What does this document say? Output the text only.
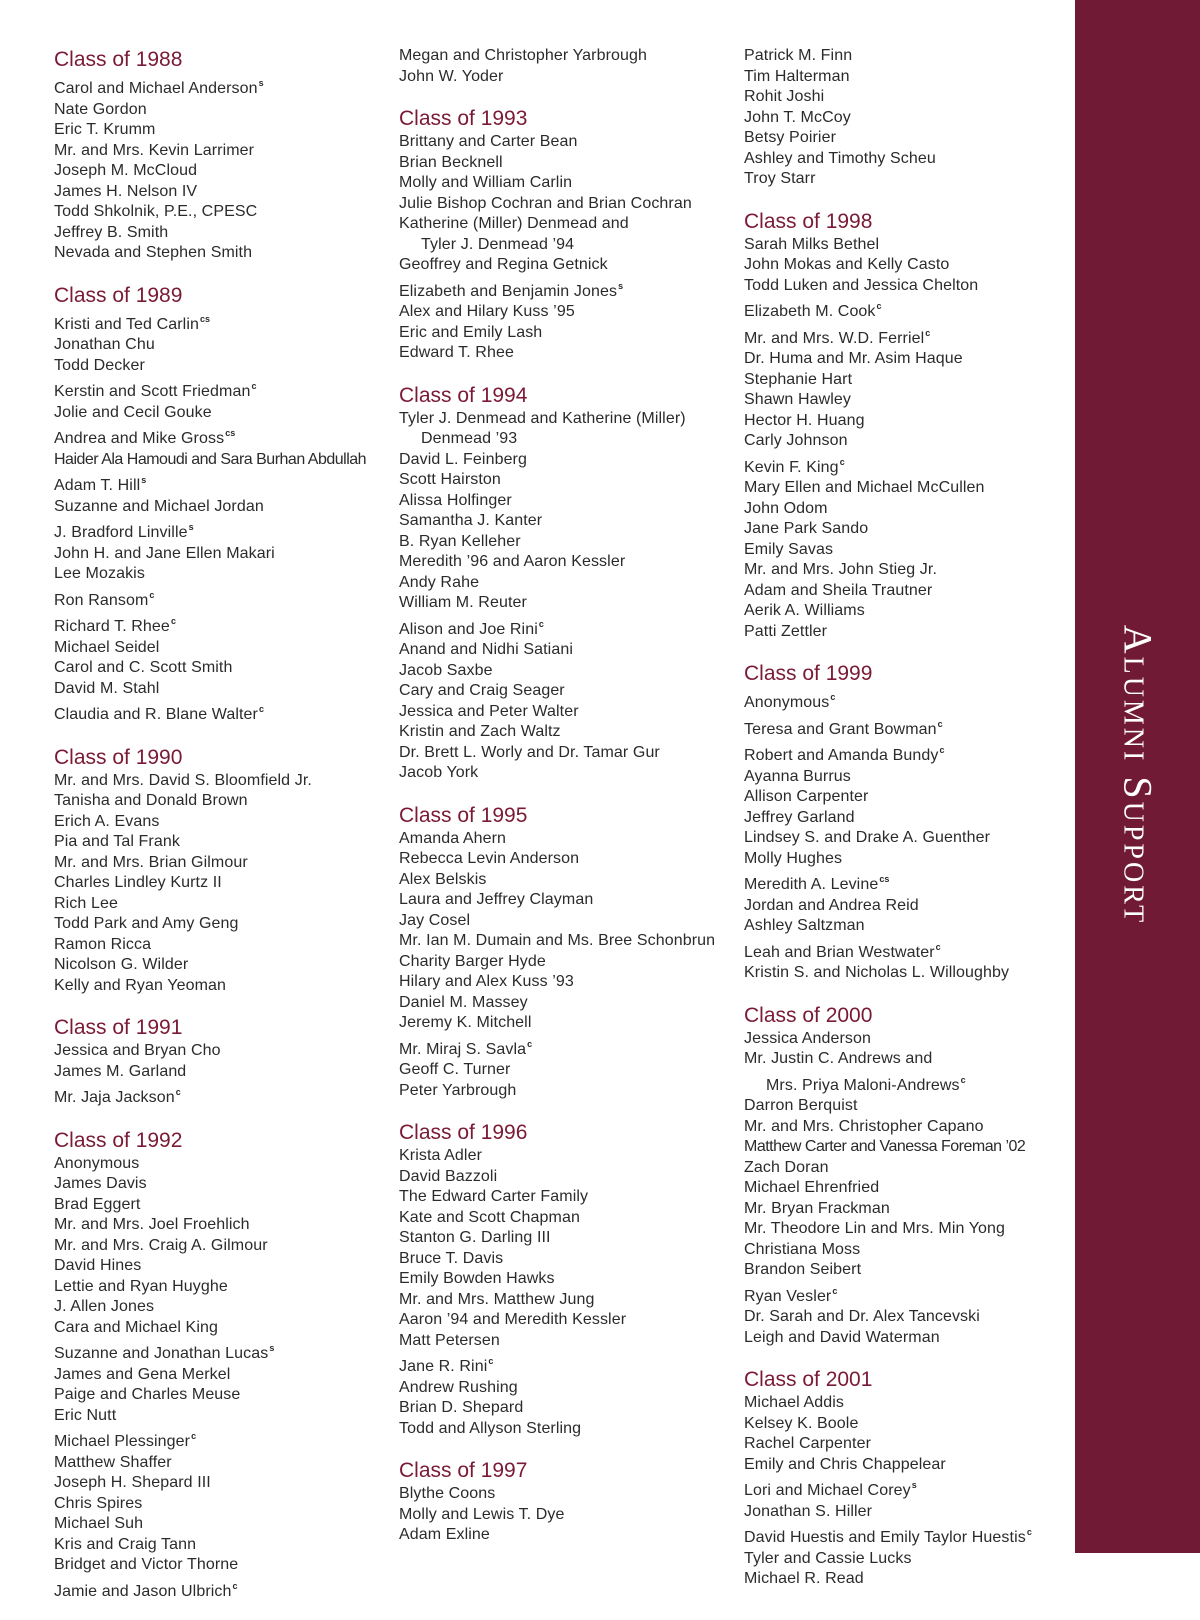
Class of 1988
Carol and Michael Anderson$^s$
Nate Gordon
Eric T. Krumm
Mr. and Mrs. Kevin Larrimer
Joseph M. McCloud
James H. Nelson IV
Todd Shkolnik, P.E., CPESC
Jeffrey B. Smith
Nevada and Stephen Smith
Class of 1989
Kristi and Ted Carlin$^{cs}$
Jonathan Chu
Todd Decker
Kerstin and Scott Friedman$^c$
Jolie and Cecil Gouke
Andrea and Mike Gross$^{cs}$
Haider Ala Hamoudi and Sara Burhan Abdullah
Adam T. Hill$^s$
Suzanne and Michael Jordan
J. Bradford Linville$^s$
John H. and Jane Ellen Makari
Lee Mozakis
Ron Ransom$^c$
Richard T. Rhee$^c$
Michael Seidel
Carol and C. Scott Smith
David M. Stahl
Claudia and R. Blane Walter$^c$
Class of 1990
Mr. and Mrs. David S. Bloomfield Jr.
Tanisha and Donald Brown
Erich A. Evans
Pia and Tal Frank
Mr. and Mrs. Brian Gilmour
Charles Lindley Kurtz II
Rich Lee
Todd Park and Amy Geng
Ramon Ricca
Nicolson G. Wilder
Kelly and Ryan Yeoman
Class of 1991
Jessica and Bryan Cho
James M. Garland
Mr. Jaja Jackson$^c$
Class of 1992
Anonymous
James Davis
Brad Eggert
Mr. and Mrs. Joel Froehlich
Mr. and Mrs. Craig A. Gilmour
David Hines
Lettie and Ryan Huyghe
J. Allen Jones
Cara and Michael King
Suzanne and Jonathan Lucas$^s$
James and Gena Merkel
Paige and Charles Meuse
Eric Nutt
Michael Plessinger$^c$
Matthew Shaffer
Joseph H. Shepard III
Chris Spires
Michael Suh
Kris and Craig Tann
Bridget and Victor Thorne
Jamie and Jason Ulbrich$^c$
Megan and Christopher Yarbrough
John W. Yoder
Class of 1993
Brittany and Carter Bean
Brian Becknell
Molly and William Carlin
Julie Bishop Cochran and Brian Cochran
Katherine (Miller) Denmead and
Tyler J. Denmead ’94
Geoffrey and Regina Getnick
Elizabeth and Benjamin Jones$^s$
Alex and Hilary Kuss ’95
Eric and Emily Lash
Edward T. Rhee
Class of 1994
Tyler J. Denmead and Katherine (Miller)
Denmead ’93
David L. Feinberg
Scott Hairston
Alissa Holfinger
Samantha J. Kanter
B. Ryan Kelleher
Meredith ’96 and Aaron Kessler
Andy Rahe
William M. Reuter
Alison and Joe Rini$^c$
Anand and Nidhi Satiani
Jacob Saxbe
Cary and Craig Seager
Jessica and Peter Walter
Kristin and Zach Waltz
Dr. Brett L. Worly and Dr. Tamar Gur
Jacob York
Class of 1995
Amanda Ahern
Rebecca Levin Anderson
Alex Belskis
Laura and Jeffrey Clayman
Jay Cosel
Mr. Ian M. Dumain and Ms. Bree Schonbrun
Charity Barger Hyde
Hilary and Alex Kuss ’93
Daniel M. Massey
Jeremy K. Mitchell
Mr. Miraj S. Savla$^c$
Geoff C. Turner
Peter Yarbrough
Class of 1996
Krista Adler
David Bazzoli
The Edward Carter Family
Kate and Scott Chapman
Stanton G. Darling III
Bruce T. Davis
Emily Bowden Hawks
Mr. and Mrs. Matthew Jung
Aaron ’94 and Meredith Kessler
Matt Petersen
Jane R. Rini$^c$
Andrew Rushing
Brian D. Shepard
Todd and Allyson Sterling
Class of 1997
Blythe Coons
Molly and Lewis T. Dye
Adam Exline
Patrick M. Finn
Tim Halterman
Rohit Joshi
John T. McCoy
Betsy Poirier
Ashley and Timothy Scheu
Troy Starr
Class of 1998
Sarah Milks Bethel
John Mokas and Kelly Casto
Todd Luken and Jessica Chelton
Elizabeth M. Cook$^c$
Mr. and Mrs. W.D. Ferriel$^c$
Dr. Huma and Mr. Asim Haque
Stephanie Hart
Shawn Hawley
Hector H. Huang
Carly Johnson
Kevin F. King$^c$
Mary Ellen and Michael McCullen
John Odom
Jane Park Sando
Emily Savas
Mr. and Mrs. John Stieg Jr.
Adam and Sheila Trautner
Aerik A. Williams
Patti Zettler
Class of 1999
Anonymous$^c$
Teresa and Grant Bowman$^c$
Robert and Amanda Bundy$^c$
Ayanna Burrus
Allison Carpenter
Jeffrey Garland
Lindsey S. and Drake A. Guenther
Molly Hughes
Meredith A. Levine$^{cs}$
Jordan and Andrea Reid
Ashley Saltzman
Leah and Brian Westwater$^c$
Kristin S. and Nicholas L. Willoughby
Class of 2000
Jessica Anderson
Mr. Justin C. Andrews and
Mrs. Priya Maloni-Andrews$^c$
Darron Berquist
Mr. and Mrs. Christopher Capano
Matthew Carter and Vanessa Foreman ’02
Zach Doran
Michael Ehrenfried
Mr. Bryan Frackman
Mr. Theodore Lin and Mrs. Min Yong
Christiana Moss
Brandon Seibert
Ryan Vesler$^c$
Dr. Sarah and Dr. Alex Tancevski
Leigh and David Waterman
Class of 2001
Michael Addis
Kelsey K. Boole
Rachel Carpenter
Emily and Chris Chappelear
Lori and Michael Corey$^s$
Jonathan S. Hiller
David Huestis and Emily Taylor Huestis$^c$
Tyler and Cassie Lucks
Michael R. Read
Alumni Support
